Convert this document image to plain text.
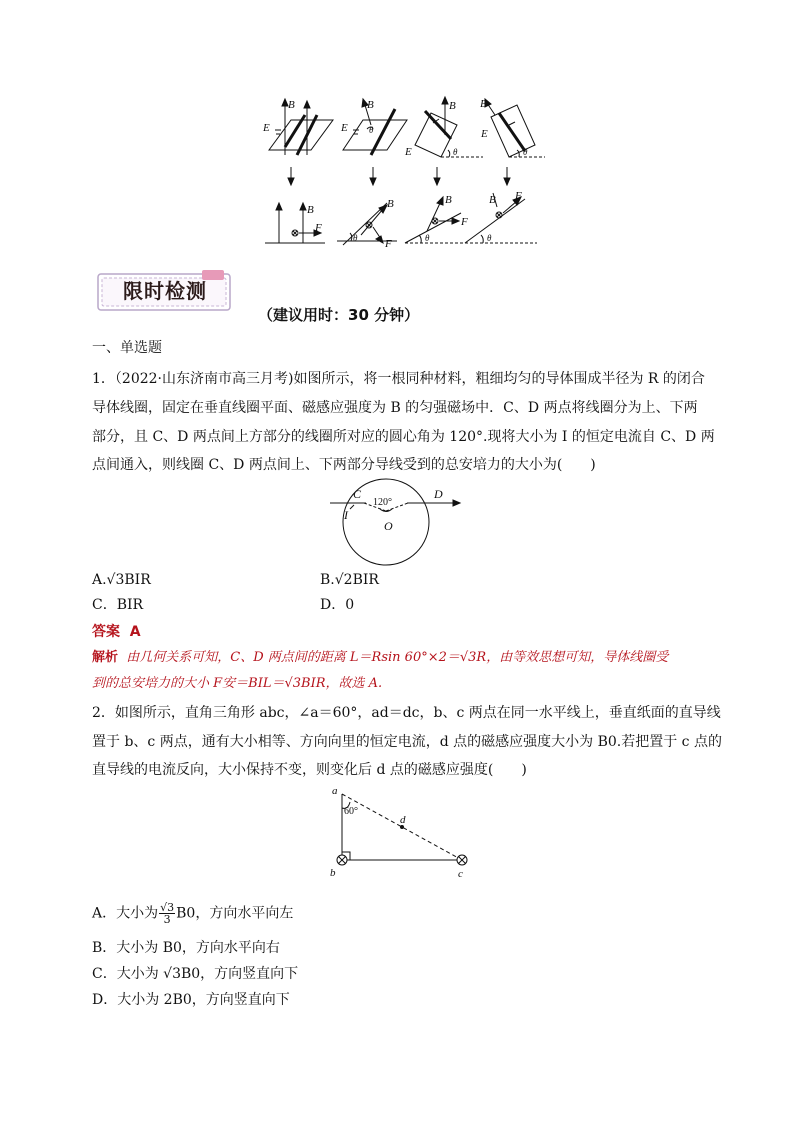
B
E
B
E θ
B
E	θ
B
E
θ
B
F
B
F
θ
B
F
θ
B F
θ
限时检测
（建议用时：30 分钟）
一、单选题
1．（2022·山东济南市高三月考)如图所示，将一根同种材料，粗细均匀的导体围成半径为 R 的闭合
导体线圈，固定在垂直线圈平面、磁感应强度为 B 的匀强磁场中．C、D 两点将线圈分为上、下两
部分，且 C、D 两点间上方部分的线圈所对应的圆心角为 120°.现将大小为 I 的恒定电流自 C、D 两
点间通入，则线圈 C、D 两点间上、下两部分导线受到的总安培力的大小为(　　)
C	D
I
O
120°
A.√3BIR	B.√2BIR
C．BIR	D．0
答案 A
解析 由几何关系可知，C、D 两点间的距离 L＝Rsin 60°×2＝√3R，由等效思想可知，导体线圈受
到的总安培力的大小 F安＝BIL＝√3BIR，故选 A.
2．如图所示，直角三角形 abc，∠a＝60°，ad＝dc，b、c 两点在同一水平线上，垂直纸面的直导线
置于 b、c 两点，通有大小相等、方向向里的恒定电流，d 点的磁感应强度大小为 B0.若把置于 c 点的
直导线的电流反向，大小保持不变，则变化后 d 点的磁感应强度(　　)
a
b	c
d
60°
A．大小为 $\frac{√3}{3} B0$，方向水平向左
B．大小为 B0，方向水平向右
C．大小为 √3B0，方向竖直向下
D．大小为 2B0，方向竖直向下
